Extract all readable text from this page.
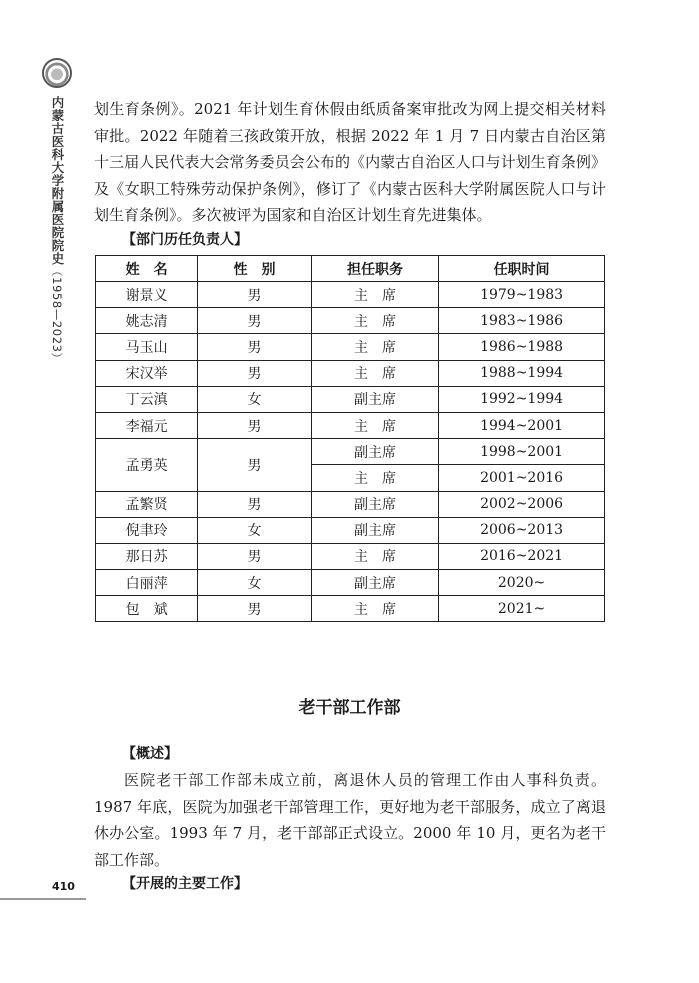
内蒙古医科大学附属医院院史（1958—2023）

划生育条例》。2021 年计划生育休假由纸质备案审批改为网上提交相关材料审批。2022 年随着三孩政策开放，根据 2022 年 1 月 7 日内蒙古自治区第十三届人民代表大会常务委员会公布的《内蒙古自治区人口与计划生育条例》及《女职工特殊劳动保护条例》，修订了《内蒙古医科大学附属医院人口与计划生育条例》。多次被评为国家和自治区计划生育先进集体。

【部门历任负责人】

姓　名	性　别	担任职务	任职时间
谢景义	男	主　席	1979~1983
姚志清	男	主　席	1983~1986
马玉山	男	主　席	1986~1988
宋汉举	男	主　席	1988~1994
丁云滇	女	副主席	1992~1994
李福元	男	主　席	1994~2001
孟勇英	男	副主席	1998~2001
		主　席	2001~2016
孟繁贤	男	副主席	2002~2006
倪聿玲	女	副主席	2006~2013
那日苏	男	主　席	2016~2021
白丽萍	女	副主席	2020~
包　斌	男	主　席	2021~
老干部工作部

【概述】

医院老干部工作部未成立前，离退休人员的管理工作由人事科负责。1987 年底，医院为加强老干部管理工作，更好地为老干部服务，成立了离退休办公室。1993 年 7 月，老干部部正式设立。2000 年 10 月，更名为老干部工作部。

【开展的主要工作】

410
